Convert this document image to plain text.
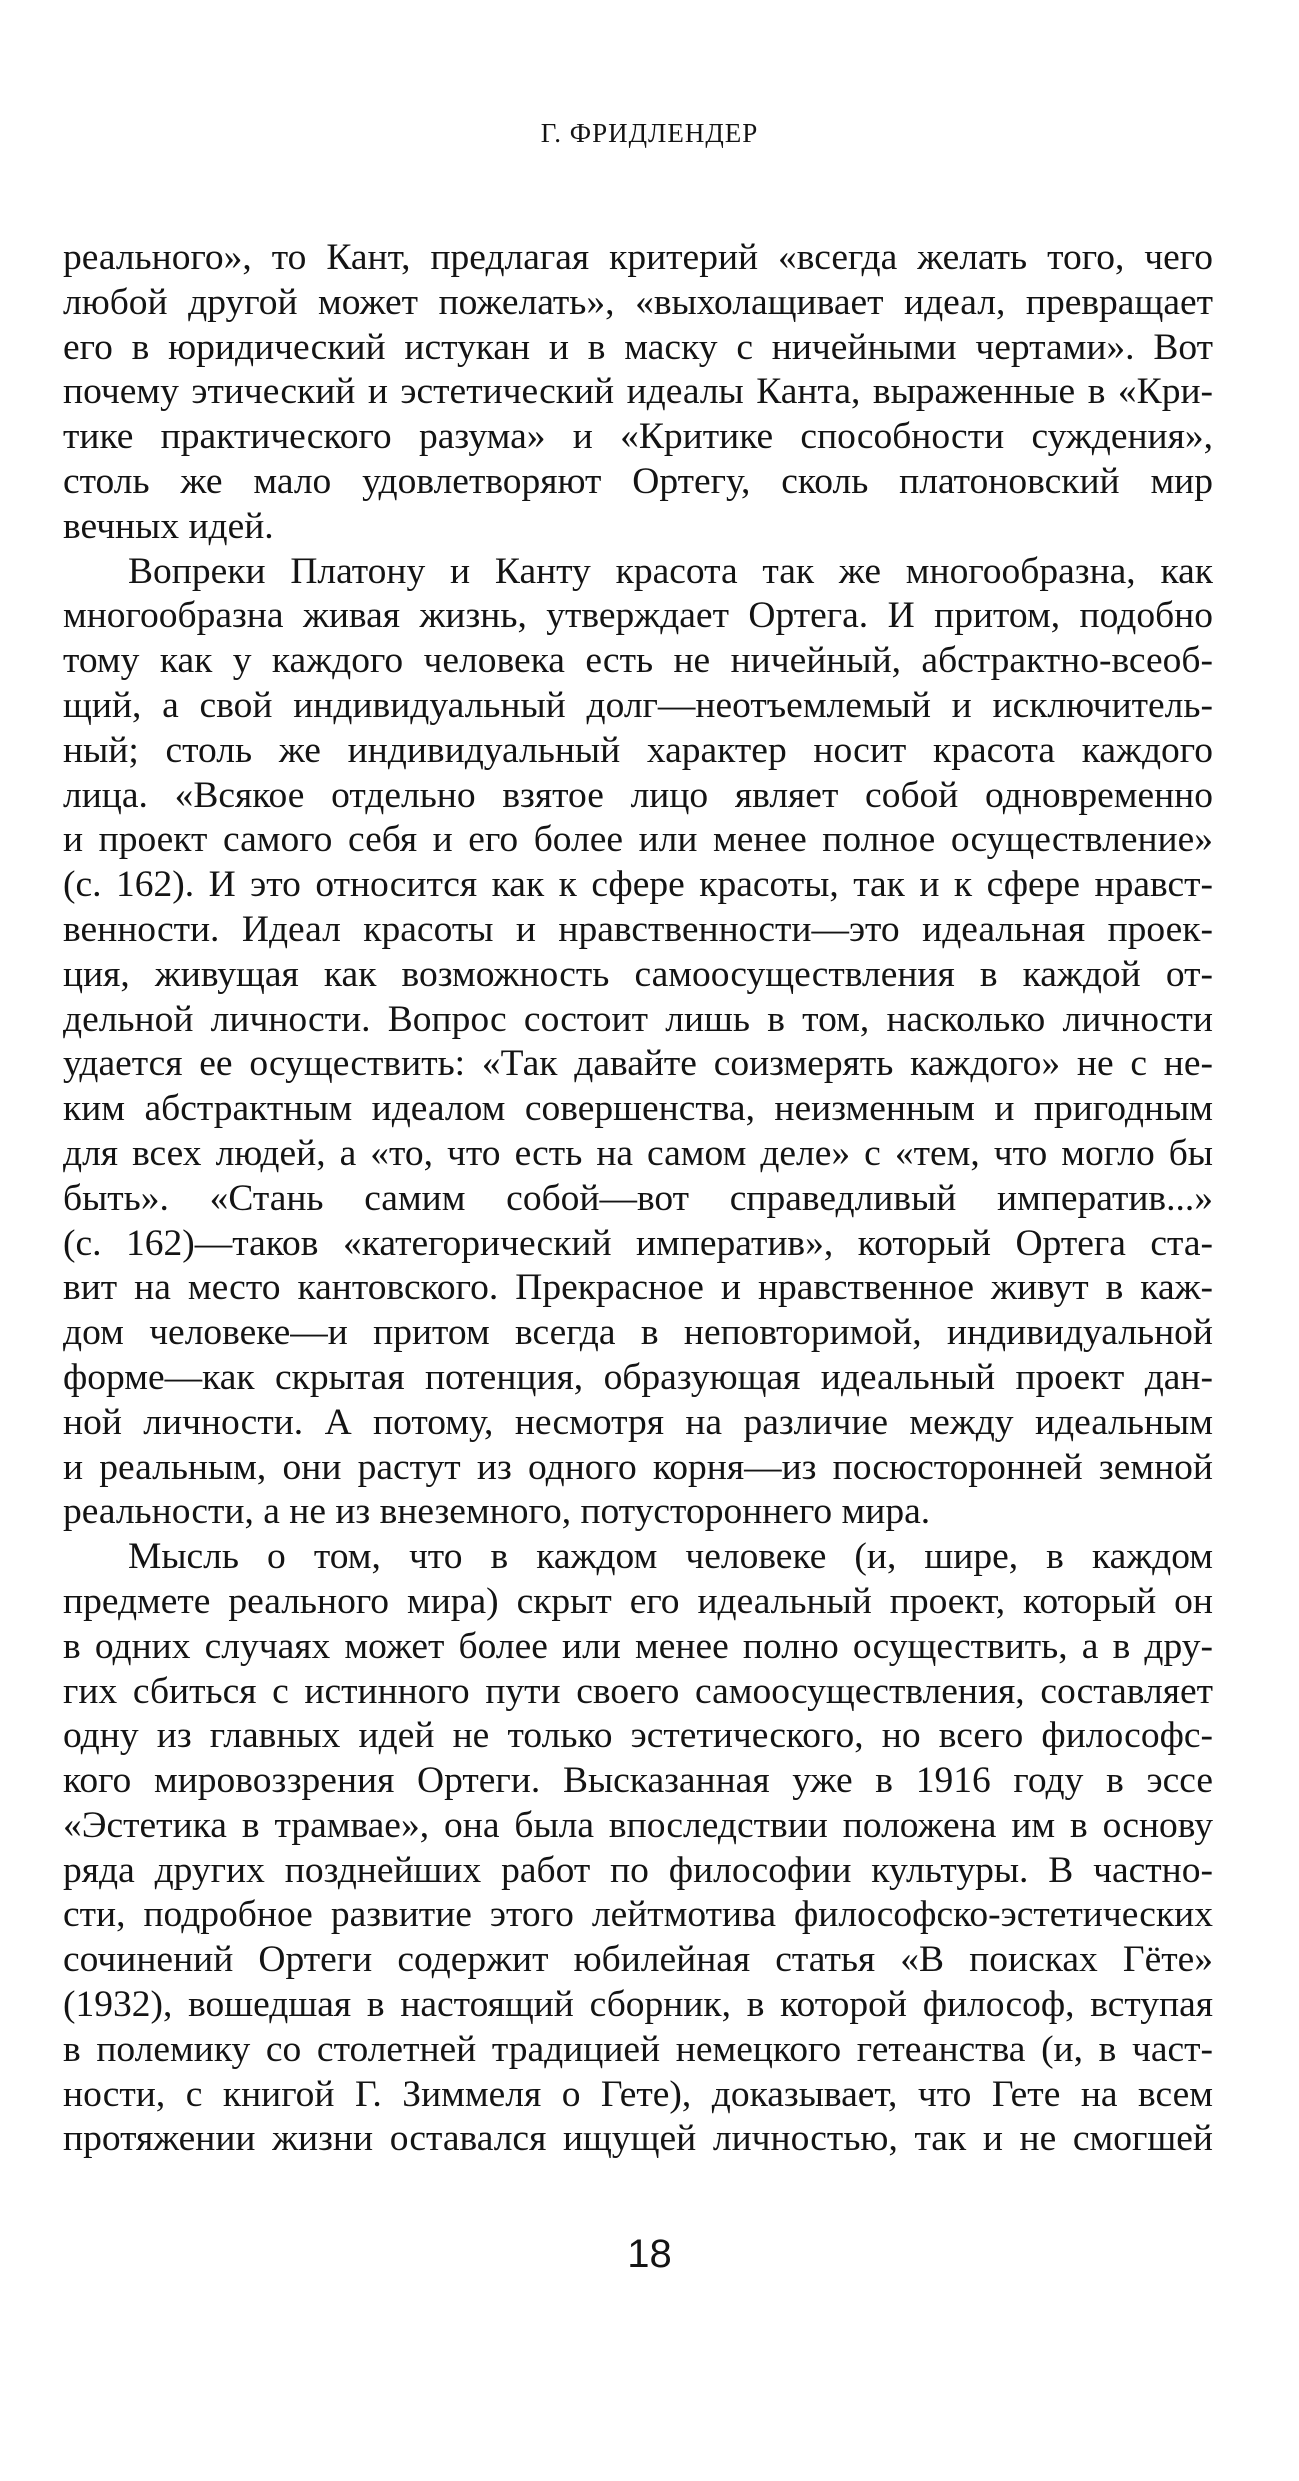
Г. ФРИДЛЕНДЕР
реального», то Кант, предлагая критерий «всегда желать того, чего
любой другой может пожелать», «выхолащивает идеал, превращает
его в юридический истукан и в маску с ничейными чертами». Вот
почему этический и эстетический идеалы Канта, выраженные в «Кри-
тике практического разума» и «Критике способности суждения»,
столь же мало удовлетворяют Ортегу, сколь платоновский мир
вечных идей.
Вопреки Платону и Канту красота так же многообразна, как
многообразна живая жизнь, утверждает Ортега. И притом, подобно
тому как у каждого человека есть не ничейный, абстрактно-всеоб-
щий, а свой индивидуальный долг—неотъемлемый и исключитель-
ный; столь же индивидуальный характер носит красота каждого
лица. «Всякое отдельно взятое лицо являет собой одновременно
и проект самого себя и его более или менее полное осуществление»
(с. 162). И это относится как к сфере красоты, так и к сфере нравст-
венности. Идеал красоты и нравственности—это идеальная проек-
ция, живущая как возможность самоосуществления в каждой от-
дельной личности. Вопрос состоит лишь в том, насколько личности
удается ее осуществить: «Так давайте соизмерять каждого» не с не-
ким абстрактным идеалом совершенства, неизменным и пригодным
для всех людей, а «то, что есть на самом деле» с «тем, что могло бы
быть». «Стань самим собой—вот справедливый императив...»
(с. 162)—таков «категорический императив», который Ортега ста-
вит на место кантовского. Прекрасное и нравственное живут в каж-
дом человеке—и притом всегда в неповторимой, индивидуальной
форме—как скрытая потенция, образующая идеальный проект дан-
ной личности. А потому, несмотря на различие между идеальным
и реальным, они растут из одного корня—из посюсторонней земной
реальности, а не из внеземного, потустороннего мира.
Мысль о том, что в каждом человеке (и, шире, в каждом
предмете реального мира) скрыт его идеальный проект, который он
в одних случаях может более или менее полно осуществить, а в дру-
гих сбиться с истинного пути своего самоосуществления, составляет
одну из главных идей не только эстетического, но всего философс-
кого мировоззрения Ортеги. Высказанная уже в 1916 году в эссе
«Эстетика в трамвае», она была впоследствии положена им в основу
ряда других позднейших работ по философии культуры. В частно-
сти, подробное развитие этого лейтмотива философско-эстетических
сочинений Ортеги содержит юбилейная статья «В поисках Гёте»
(1932), вошедшая в настоящий сборник, в которой философ, вступая
в полемику со столетней традицией немецкого гетеанства (и, в част-
ности, с книгой Г. Зиммеля о Гете), доказывает, что Гете на всем
протяжении жизни оставался ищущей личностью, так и не смогшей
18
